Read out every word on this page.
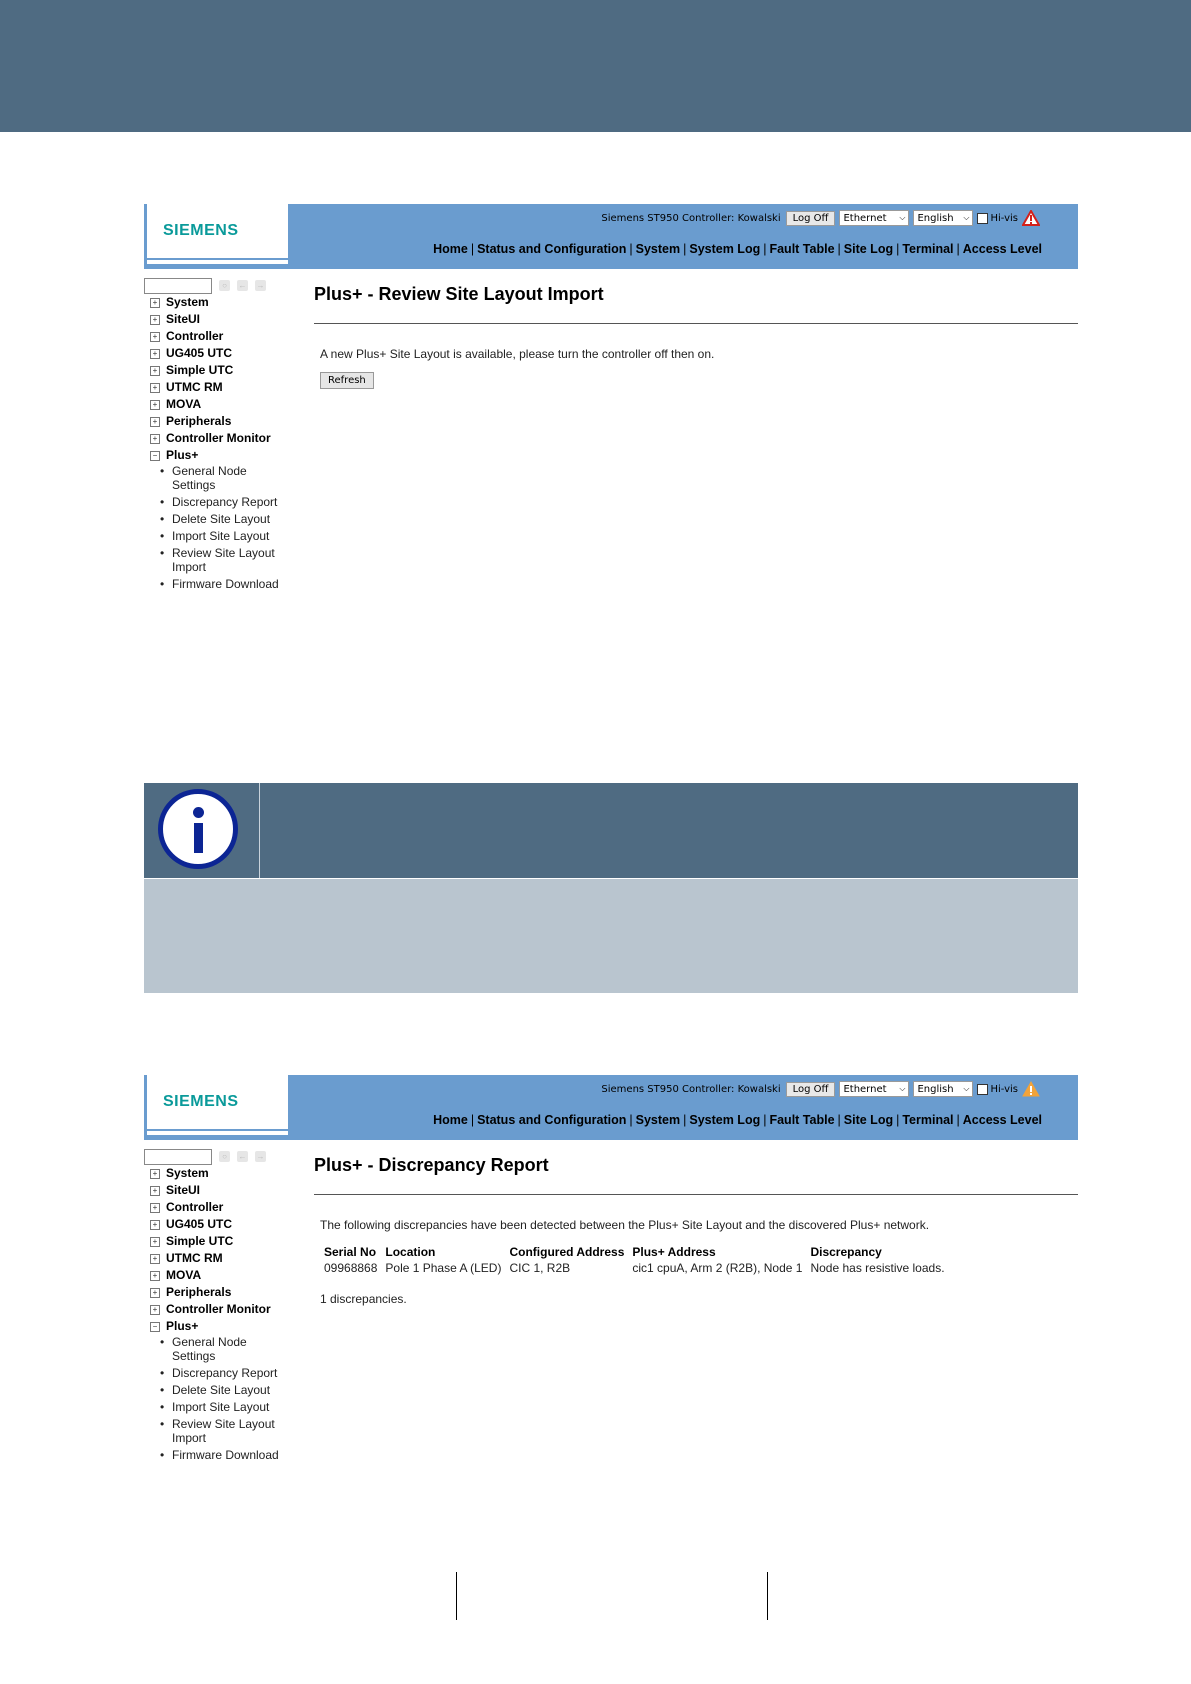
SIEMENS
Siemens ST950 Controller: Kowalski	Log Off	Ethernet ⌵ English ⌵ Hi-vis
Home | Status and Configuration | System | System Log | Fault Table | Site Log | Terminal | Access Level
○	← →
+ System
+ SiteUI
+ Controller
+ UG405 UTC
+ Simple UTC
+ UTMC RM
+ MOVA
+ Peripherals
+ Controller Monitor
− Plus+
• General Node Settings
• Discrepancy Report
• Delete Site Layout
• Import Site Layout
• Review Site Layout Import
• Firmware Download
Plus+ - Review Site Layout Import
A new Plus+ Site Layout is available, please turn the controller off then on.
Refresh
SIEMENS
Siemens ST950 Controller: Kowalski	Log Off	Ethernet ⌵ English ⌵ Hi-vis
Home | Status and Configuration | System | System Log | Fault Table | Site Log | Terminal | Access Level
○	← →
+ System
+ SiteUI
+ Controller
+ UG405 UTC
+ Simple UTC
+ UTMC RM
+ MOVA
+ Peripherals
+ Controller Monitor
− Plus+
• General Node Settings
• Discrepancy Report
• Delete Site Layout
• Import Site Layout
• Review Site Layout Import
• Firmware Download
Plus+ - Discrepancy Report
The following discrepancies have been detected between the Plus+ Site Layout and the discovered Plus+ network.
Serial No	Location	Configured Address	Plus+ Address	Discrepancy
09968868	Pole 1 Phase A (LED)	CIC 1, R2B	cic1 cpuA, Arm 2 (R2B), Node 1	Node has resistive loads.
1 discrepancies.
